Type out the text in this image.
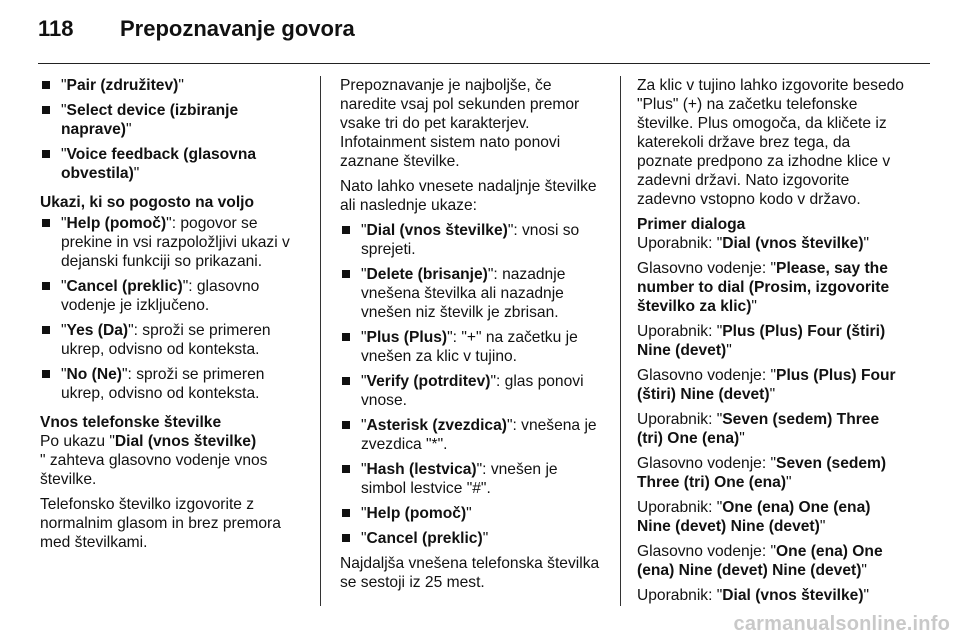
118	Prepoznavanje govora
"Pair (združitev)"
"Select device (izbiranje naprave)"
"Voice feedback (glasovna obvestila)"

Ukazi, ki so pogosto na voljo

"Help (pomoč)": pogovor se prekine in vsi razpoložljivi ukazi v dejanski funkciji so prikazani.
"Cancel (preklic)": glasovno vodenje je izključeno.
"Yes (Da)": sproži se primeren ukrep, odvisno od konteksta.
"No (Ne)": sproži se primeren ukrep, odvisno od konteksta.

Vnos telefonske številke

Po ukazu "Dial (vnos številke)
" zahteva glasovno vodenje vnos številke.

Telefonsko številko izgovorite z normalnim glasom in brez premora med številkami.

Prepoznavanje je najboljše, če naredite vsaj pol sekunden premor vsake tri do pet karakterjev. Infotainment sistem nato ponovi zaznane številke.

Nato lahko vnesete nadaljnje številke ali naslednje ukaze:

"Dial (vnos številke)": vnosi so sprejeti.
"Delete (brisanje)": nazadnje vnešena številka ali nazadnje vnešen niz številk je zbrisan.
"Plus (Plus)": "+" na začetku je vnešen za klic v tujino.
"Verify (potrditev)": glas ponovi vnose.
"Asterisk (zvezdica)": vnešena je zvezdica "*".
"Hash (lestvica)": vnešen je simbol lestvice "#".
"Help (pomoč)"
"Cancel (preklic)"

Najdaljša vnešena telefonska številka se sestoji iz 25 mest.

Za klic v tujino lahko izgovorite besedo "Plus" (+) na začetku telefonske številke. Plus omogoča, da kličete iz katerekoli države brez tega, da poznate predpono za izhodne klice v zadevni državi. Nato izgovorite zadevno vstopno kodo v državo.

Primer dialoga

Uporabnik: "Dial (vnos številke)"

Glasovno vodenje: "Please, say the number to dial (Prosim, izgovorite številko za klic)"

Uporabnik: "Plus (Plus) Four (štiri) Nine (devet)"

Glasovno vodenje: "Plus (Plus) Four (štiri) Nine (devet)"

Uporabnik: "Seven (sedem) Three (tri) One (ena)"

Glasovno vodenje: "Seven (sedem) Three (tri) One (ena)"

Uporabnik: "One (ena) One (ena) Nine (devet) Nine (devet)"

Glasovno vodenje: "One (ena) One (ena) Nine (devet) Nine (devet)"

Uporabnik: "Dial (vnos številke)"

carmanualsonline.info
